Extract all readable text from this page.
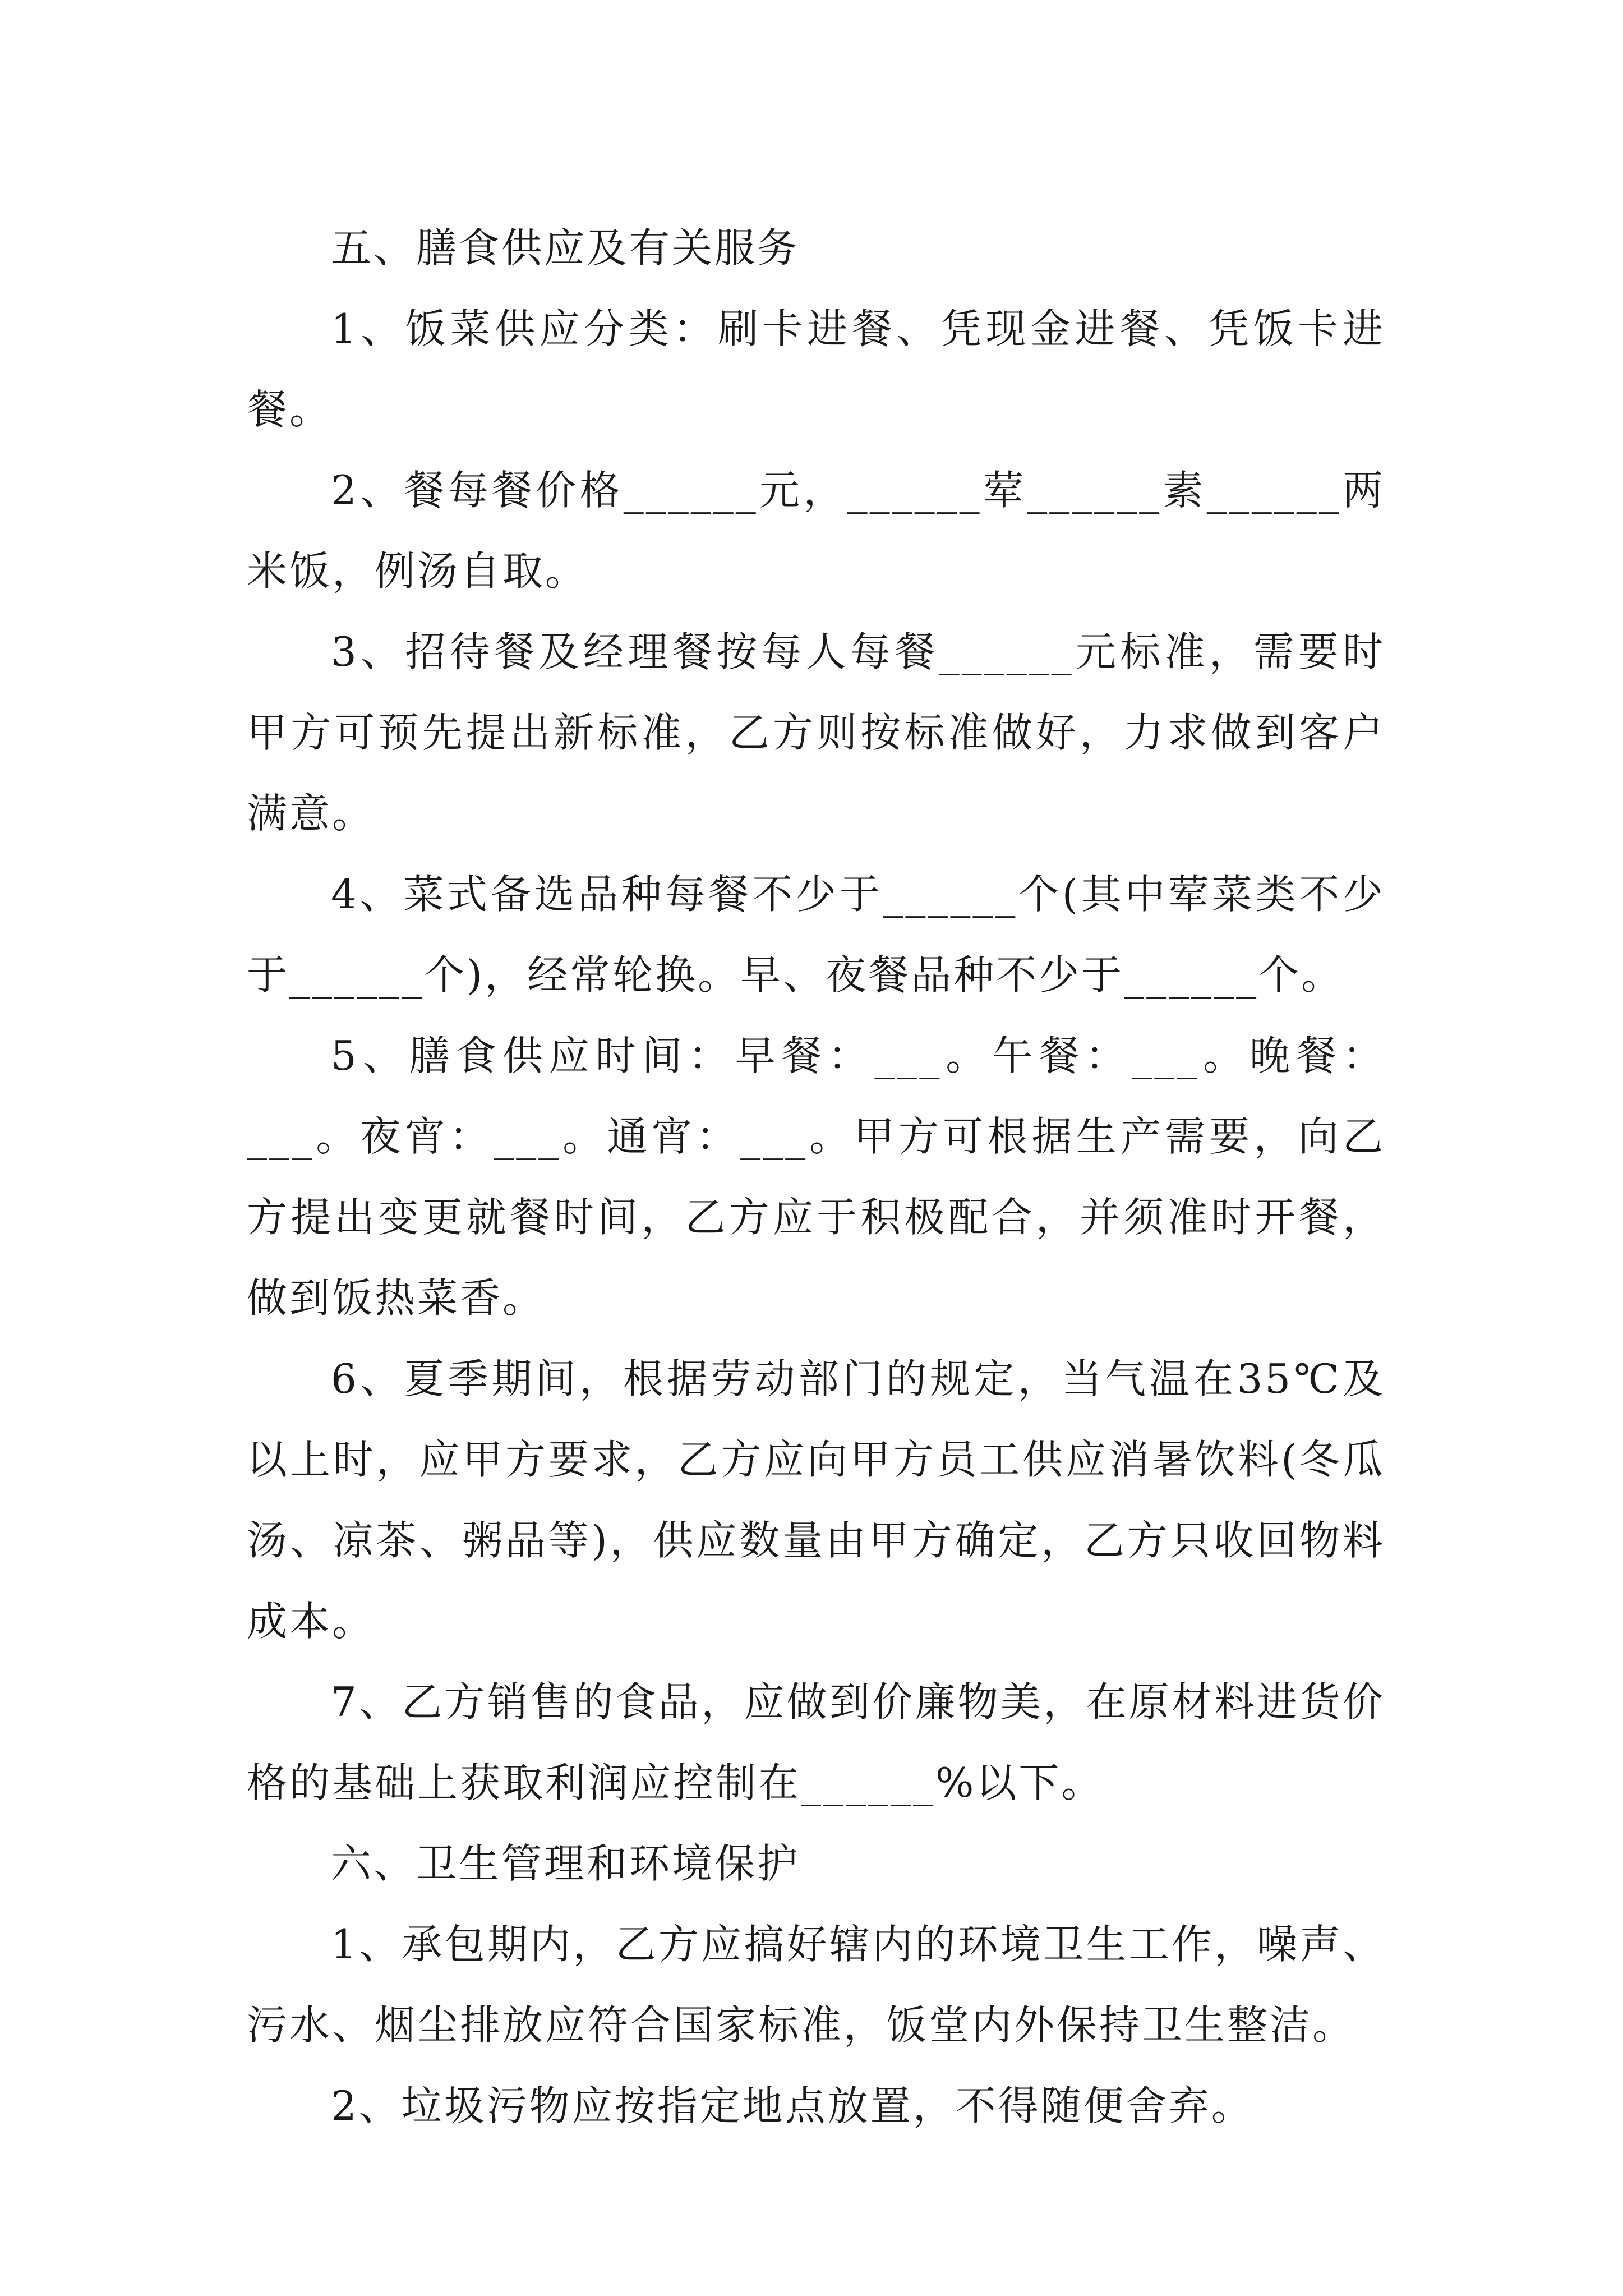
五、膳食供应及有关服务

1、饭菜供应分类：刷卡进餐、凭现金进餐、凭饭卡进餐。

2、餐每餐价格______元，______荤______素______两米饭，例汤自取。

3、招待餐及经理餐按每人每餐______元标准，需要时甲方可预先提出新标准，乙方则按标准做好，力求做到客户满意。

4、菜式备选品种每餐不少于______个(其中荤菜类不少于______个)，经常轮换。早、夜餐品种不少于______个。

5、膳食供应时间：早餐：___。午餐：___。晚餐：___。夜宵：___。通宵：___。甲方可根据生产需要，向乙方提出变更就餐时间，乙方应于积极配合，并须准时开餐，做到饭热菜香。

6、夏季期间，根据劳动部门的规定，当气温在35℃及以上时，应甲方要求，乙方应向甲方员工供应消暑饮料(冬瓜汤、凉茶、粥品等)，供应数量由甲方确定，乙方只收回物料成本。

7、乙方销售的食品，应做到价廉物美，在原材料进货价格的基础上获取利润应控制在______%以下。

六、卫生管理和环境保护

1、承包期内，乙方应搞好辖内的环境卫生工作，噪声、污水、烟尘排放应符合国家标准，饭堂内外保持卫生整洁。

2、垃圾污物应按指定地点放置，不得随便舍弃。
